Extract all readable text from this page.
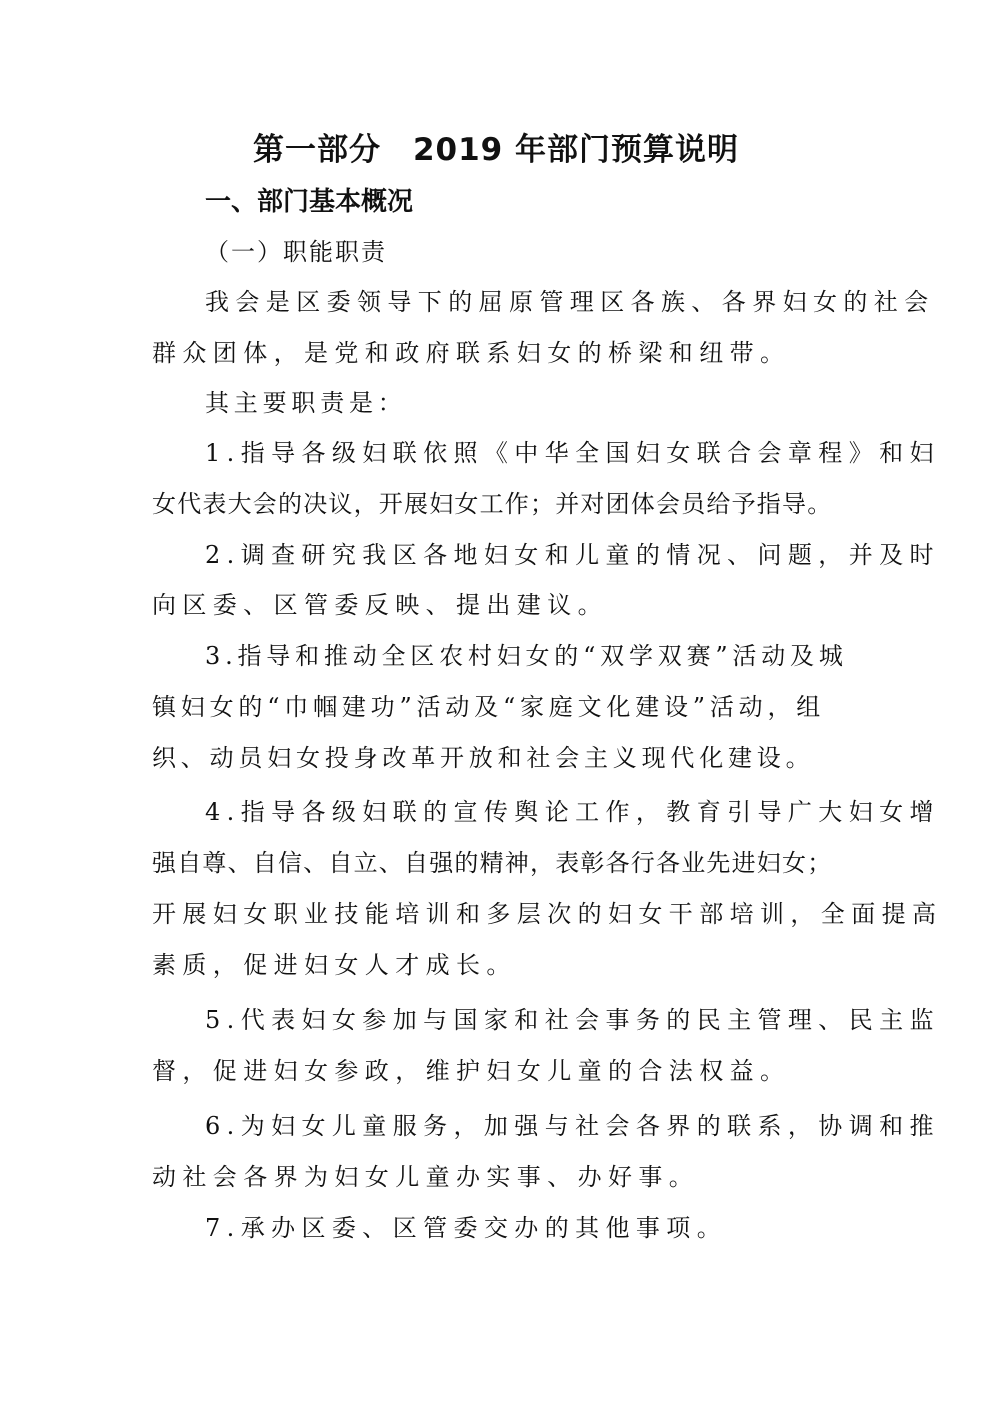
第一部分　2019 年部门预算说明
一、部门基本概况
（一）职能职责
我会是区委领导下的屈原管理区各族、各界妇女的社会
群众团体，是党和政府联系妇女的桥梁和纽带。
其主要职责是：
1.指导各级妇联依照《中华全国妇女联合会章程》和妇
女代表大会的决议，开展妇女工作；并对团体会员给予指导。
2.调查研究我区各地妇女和儿童的情况、问题，并及时
向区委、区管委反映、提出建议。
3.指导和推动全区农村妇女的“双学双赛”活动及城
镇妇女的“巾帼建功”活动及“家庭文化建设”活动，组
织、动员妇女投身改革开放和社会主义现代化建设。
4.指导各级妇联的宣传舆论工作，教育引导广大妇女增
强自尊、自信、自立、自强的精神，表彰各行各业先进妇女；
开展妇女职业技能培训和多层次的妇女干部培训，全面提高
素质，促进妇女人才成长。
5.代表妇女参加与国家和社会事务的民主管理、民主监
督，促进妇女参政，维护妇女儿童的合法权益。
6.为妇女儿童服务，加强与社会各界的联系，协调和推
动社会各界为妇女儿童办实事、办好事。
7.承办区委、区管委交办的其他事项。
